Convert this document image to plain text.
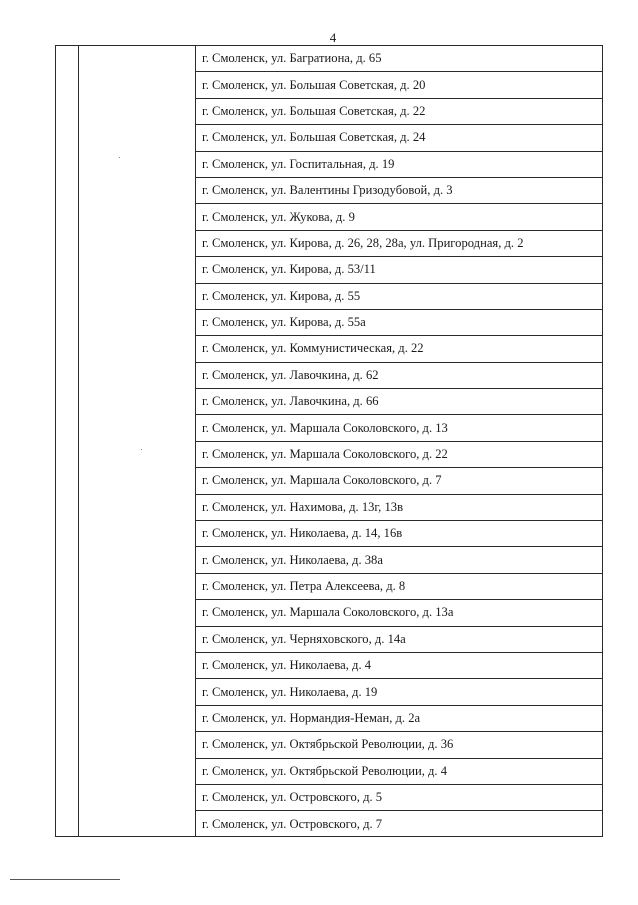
4
г. Смоленск, ул. Багратиона, д. 65
г. Смоленск, ул. Большая Советская, д. 20
г. Смоленск, ул. Большая Советская, д. 22
г. Смоленск, ул. Большая Советская, д. 24
г. Смоленск, ул. Госпитальная, д. 19
г. Смоленск, ул. Валентины Гризодубовой, д. 3
г. Смоленск, ул. Жукова, д. 9
г. Смоленск, ул. Кирова, д. 26, 28, 28а, ул. Пригородная, д. 2
г. Смоленск, ул. Кирова, д. 53/11
г. Смоленск, ул. Кирова, д. 55
г. Смоленск, ул. Кирова, д. 55а
г. Смоленск, ул. Коммунистическая, д. 22
г. Смоленск, ул. Лавочкина, д. 62
г. Смоленск, ул. Лавочкина, д. 66
г. Смоленск, ул. Маршала Соколовского, д. 13
г. Смоленск, ул. Маршала Соколовского, д. 22
г. Смоленск, ул. Маршала Соколовского, д. 7
г. Смоленск, ул. Нахимова, д. 13г, 13в
г. Смоленск, ул. Николаева, д. 14, 16в
г. Смоленск, ул. Николаева, д. 38а
г. Смоленск, ул. Петра Алексеева, д. 8
г. Смоленск, ул. Маршала Соколовского, д. 13а
г. Смоленск, ул. Черняховского, д. 14а
г. Смоленск, ул. Николаева, д. 4
г. Смоленск, ул. Николаева, д. 19
г. Смоленск, ул. Нормандия-Неман, д. 2а
г. Смоленск, ул. Октябрьской Революции, д. 36
г. Смоленск, ул. Октябрьской Революции, д. 4
г. Смоленск, ул. Островского, д. 5
г. Смоленск, ул. Островского, д. 7
